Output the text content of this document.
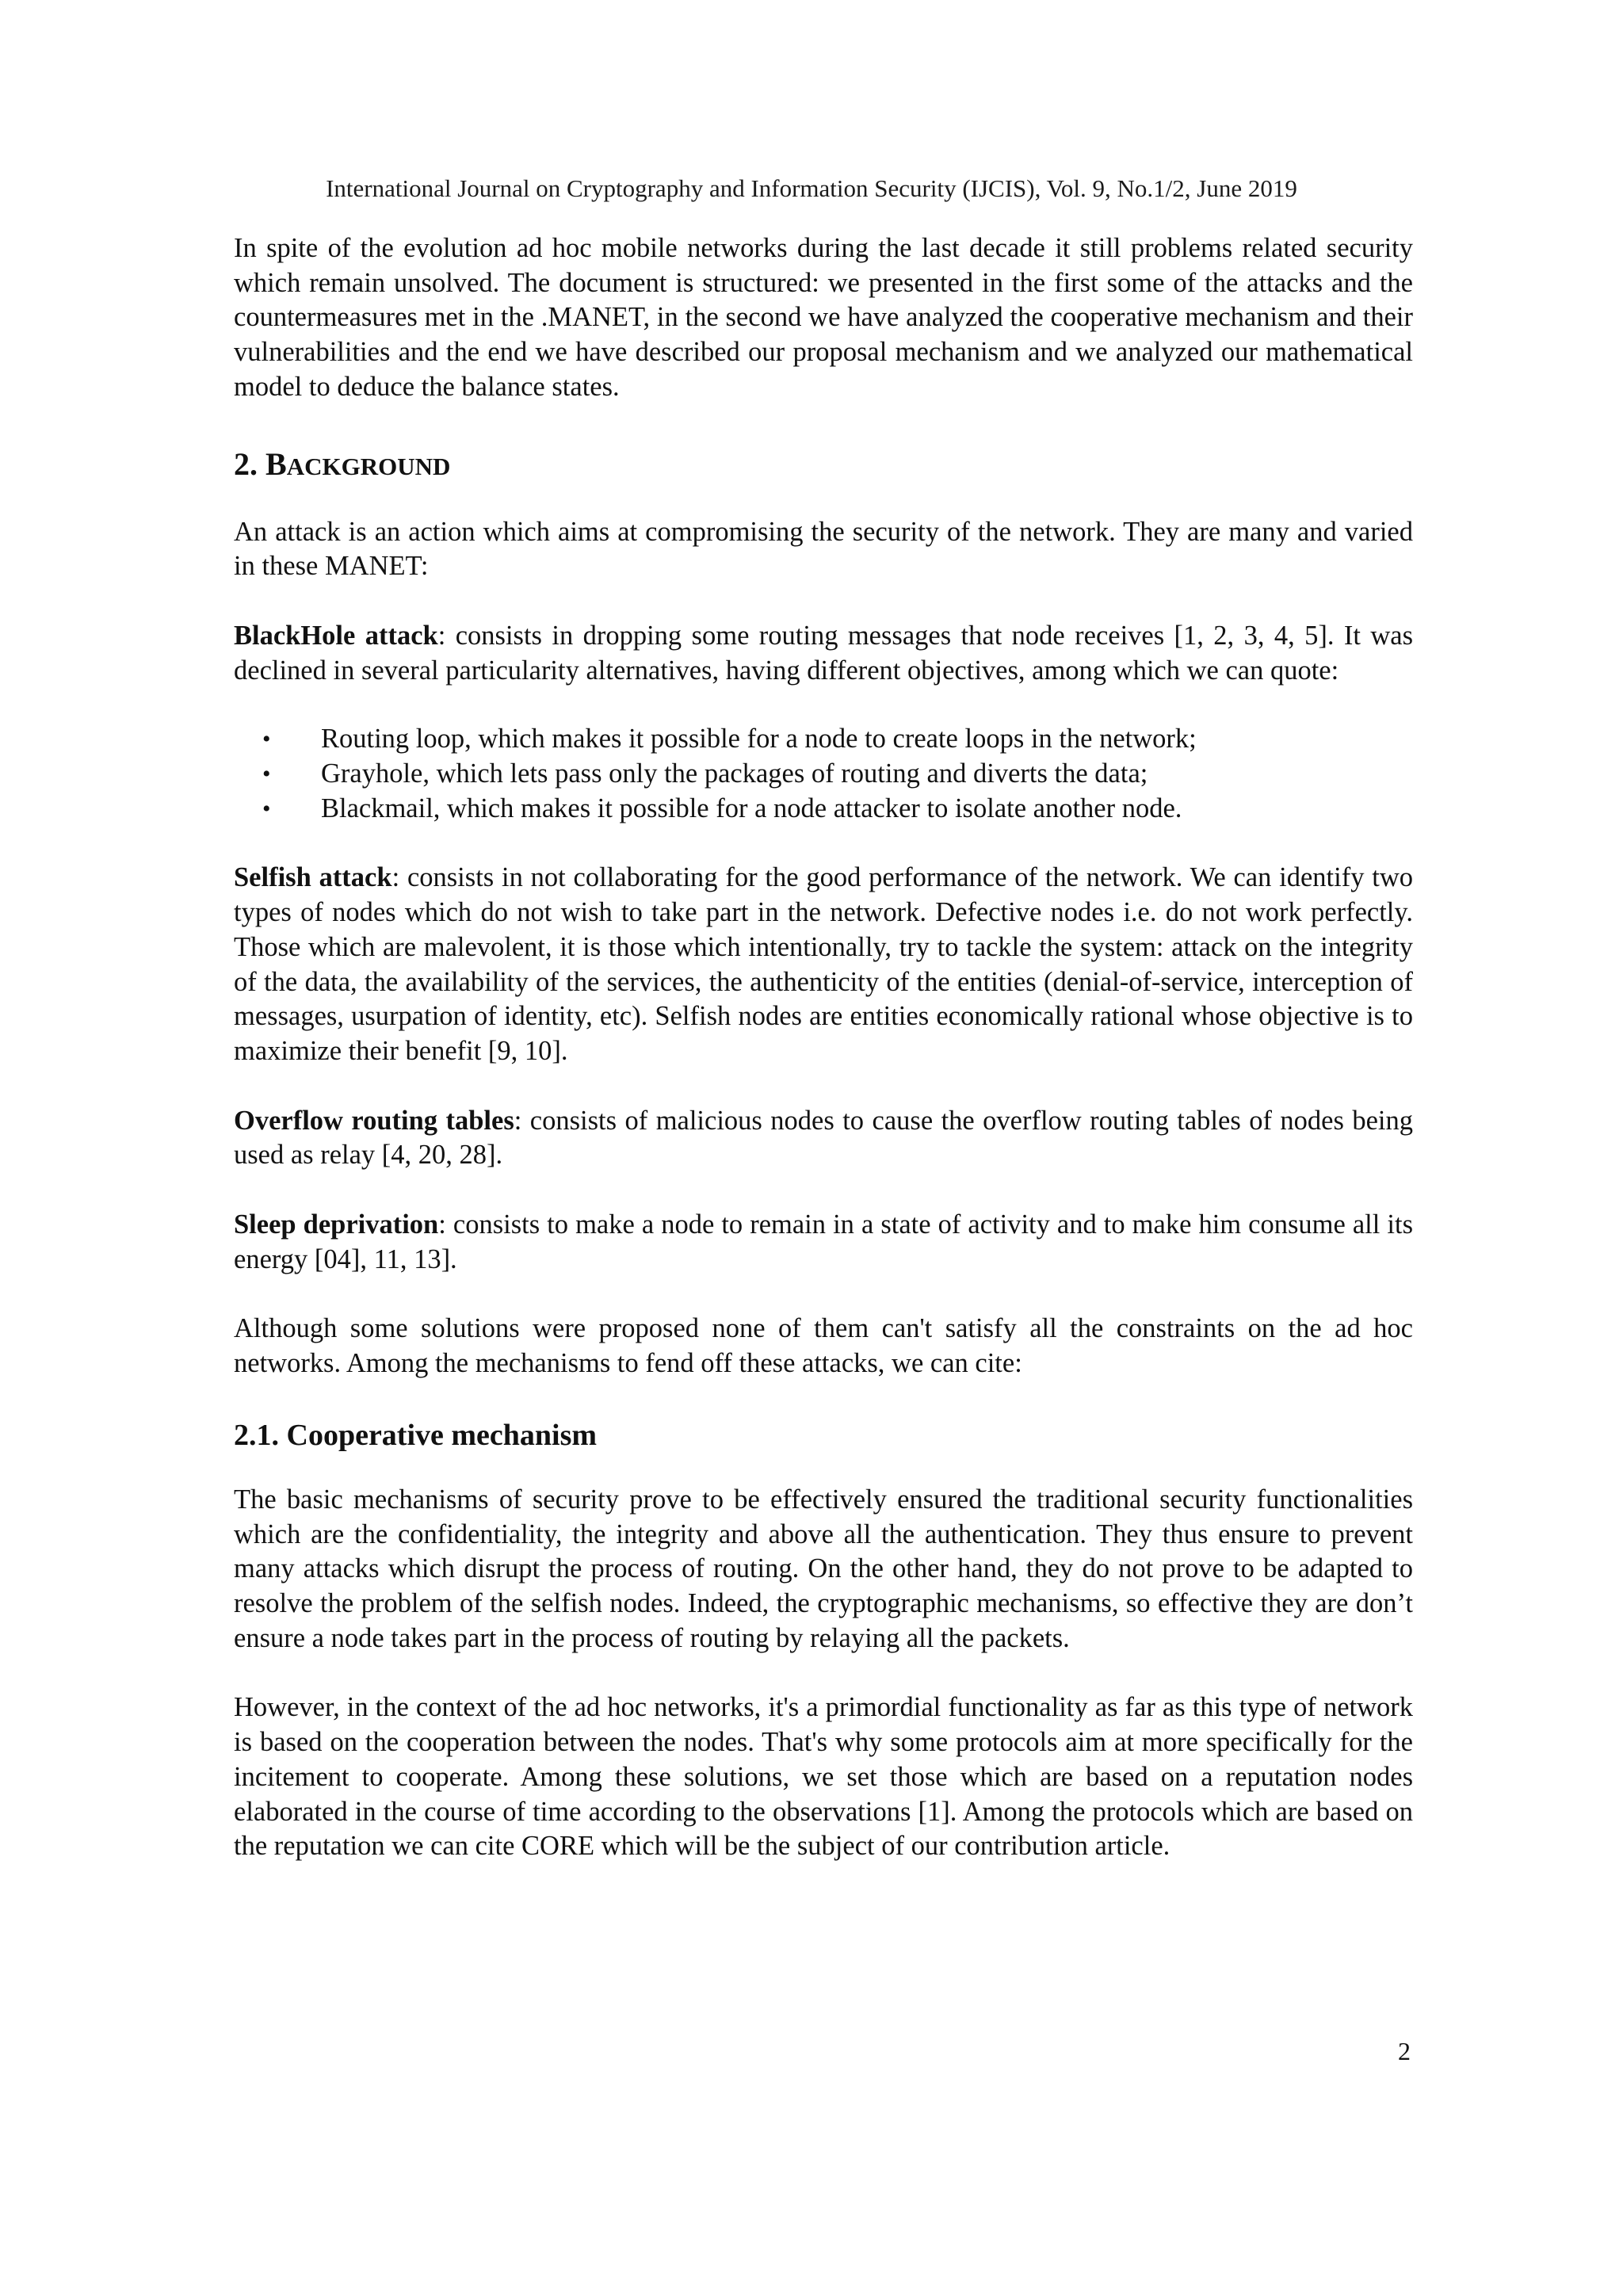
International Journal on Cryptography and Information Security (IJCIS), Vol. 9, No.1/2, June 2019

In spite of the evolution ad hoc mobile networks during the last decade it still problems related security which remain unsolved. The document is structured: we presented in the first some of the attacks and the countermeasures met in the .MANET, in the second we have analyzed the cooperative mechanism and their vulnerabilities and the end we have described our proposal mechanism and we analyzed our mathematical model to deduce the balance states.

2. BACKGROUND

An attack is an action which aims at compromising the security of the network. They are many and varied in these MANET:

BlackHole attack: consists in dropping some routing messages that node receives [1, 2, 3, 4, 5]. It was declined in several particularity alternatives, having different objectives, among which we can quote:

• Routing loop, which makes it possible for a node to create loops in the network;
• Grayhole, which lets pass only the packages of routing and diverts the data;
• Blackmail, which makes it possible for a node attacker to isolate another node.

Selfish attack: consists in not collaborating for the good performance of the network. We can identify two types of nodes which do not wish to take part in the network. Defective nodes i.e. do not work perfectly. Those which are malevolent, it is those which intentionally, try to tackle the system: attack on the integrity of the data, the availability of the services, the authenticity of the entities (denial-of-service, interception of messages, usurpation of identity, etc). Selfish nodes are entities economically rational whose objective is to maximize their benefit [9, 10].

Overflow routing tables: consists of malicious nodes to cause the overflow routing tables of nodes being used as relay [4, 20, 28].

Sleep deprivation: consists to make a node to remain in a state of activity and to make him consume all its energy [04], 11, 13].

Although some solutions were proposed none of them can't satisfy all the constraints on the ad hoc networks. Among the mechanisms to fend off these attacks, we can cite:

2.1. Cooperative mechanism

The basic mechanisms of security prove to be effectively ensured the traditional security functionalities which are the confidentiality, the integrity and above all the authentication. They thus ensure to prevent many attacks which disrupt the process of routing. On the other hand, they do not prove to be adapted to resolve the problem of the selfish nodes. Indeed, the cryptographic mechanisms, so effective they are don’t ensure a node takes part in the process of routing by relaying all the packets.

However, in the context of the ad hoc networks, it's a primordial functionality as far as this type of network is based on the cooperation between the nodes. That's why some protocols aim at more specifically for the incitement to cooperate. Among these solutions, we set those which are based on a reputation nodes elaborated in the course of time according to the observations [1]. Among the protocols which are based on the reputation we can cite CORE which will be the subject of our contribution article.

2
